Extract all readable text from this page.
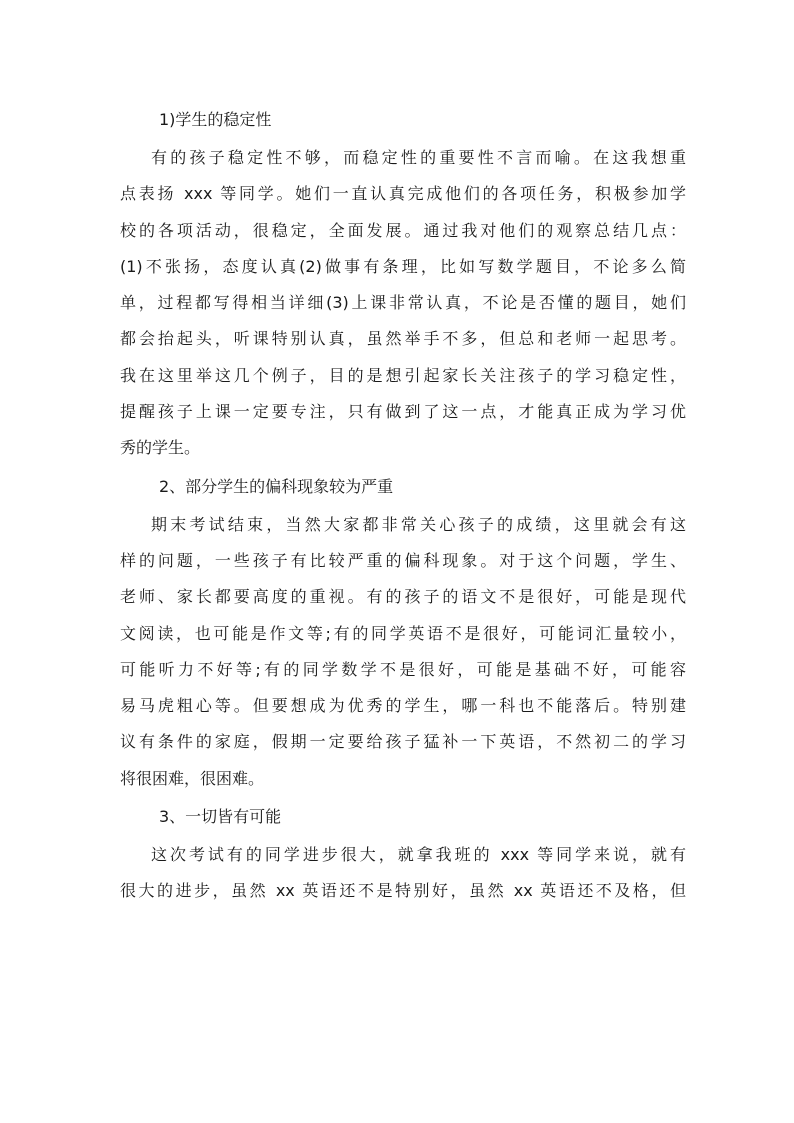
1)学生的稳定性

有的孩子稳定性不够，而稳定性的重要性不言而喻。在这我想重
点表扬 xxx 等同学。她们一直认真完成他们的各项任务，积极参加学
校的各项活动，很稳定，全面发展。通过我对他们的观察总结几点：
(1)不张扬，态度认真(2)做事有条理，比如写数学题目，不论多么简
单，过程都写得相当详细(3)上课非常认真，不论是否懂的题目，她们
都会抬起头，听课特别认真，虽然举手不多，但总和老师一起思考。
我在这里举这几个例子，目的是想引起家长关注孩子的学习稳定性，
提醒孩子上课一定要专注，只有做到了这一点，才能真正成为学习优
秀的学生。

2、部分学生的偏科现象较为严重

期末考试结束，当然大家都非常关心孩子的成绩，这里就会有这
样的问题，一些孩子有比较严重的偏科现象。对于这个问题，学生、
老师、家长都要高度的重视。有的孩子的语文不是很好，可能是现代
文阅读，也可能是作文等;有的同学英语不是很好，可能词汇量较小，
可能听力不好等;有的同学数学不是很好，可能是基础不好，可能容
易马虎粗心等。但要想成为优秀的学生，哪一科也不能落后。特别建
议有条件的家庭，假期一定要给孩子猛补一下英语，不然初二的学习
将很困难，很困难。

3、一切皆有可能

这次考试有的同学进步很大，就拿我班的 xxx 等同学来说，就有
很大的进步，虽然 xx 英语还不是特别好，虽然 xx 英语还不及格，但
